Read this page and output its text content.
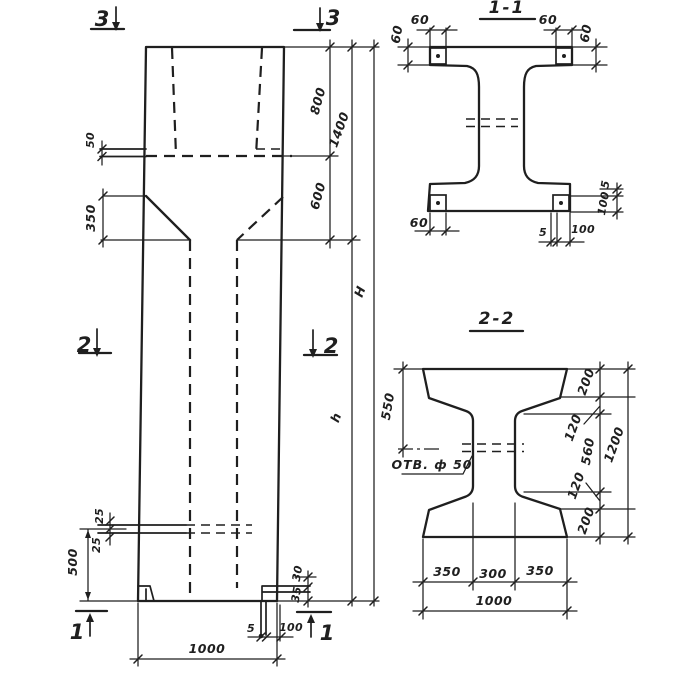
3	3
2	2
1	1
50
350
800
600
1400
h
H
25
25
500	30
35
5 100
1000
1-1
60	60
60	60
60
5 100
5
100
2-2
ОТВ. ф 50
550
200
120
560
120
200
1200
350 300 350
1000
